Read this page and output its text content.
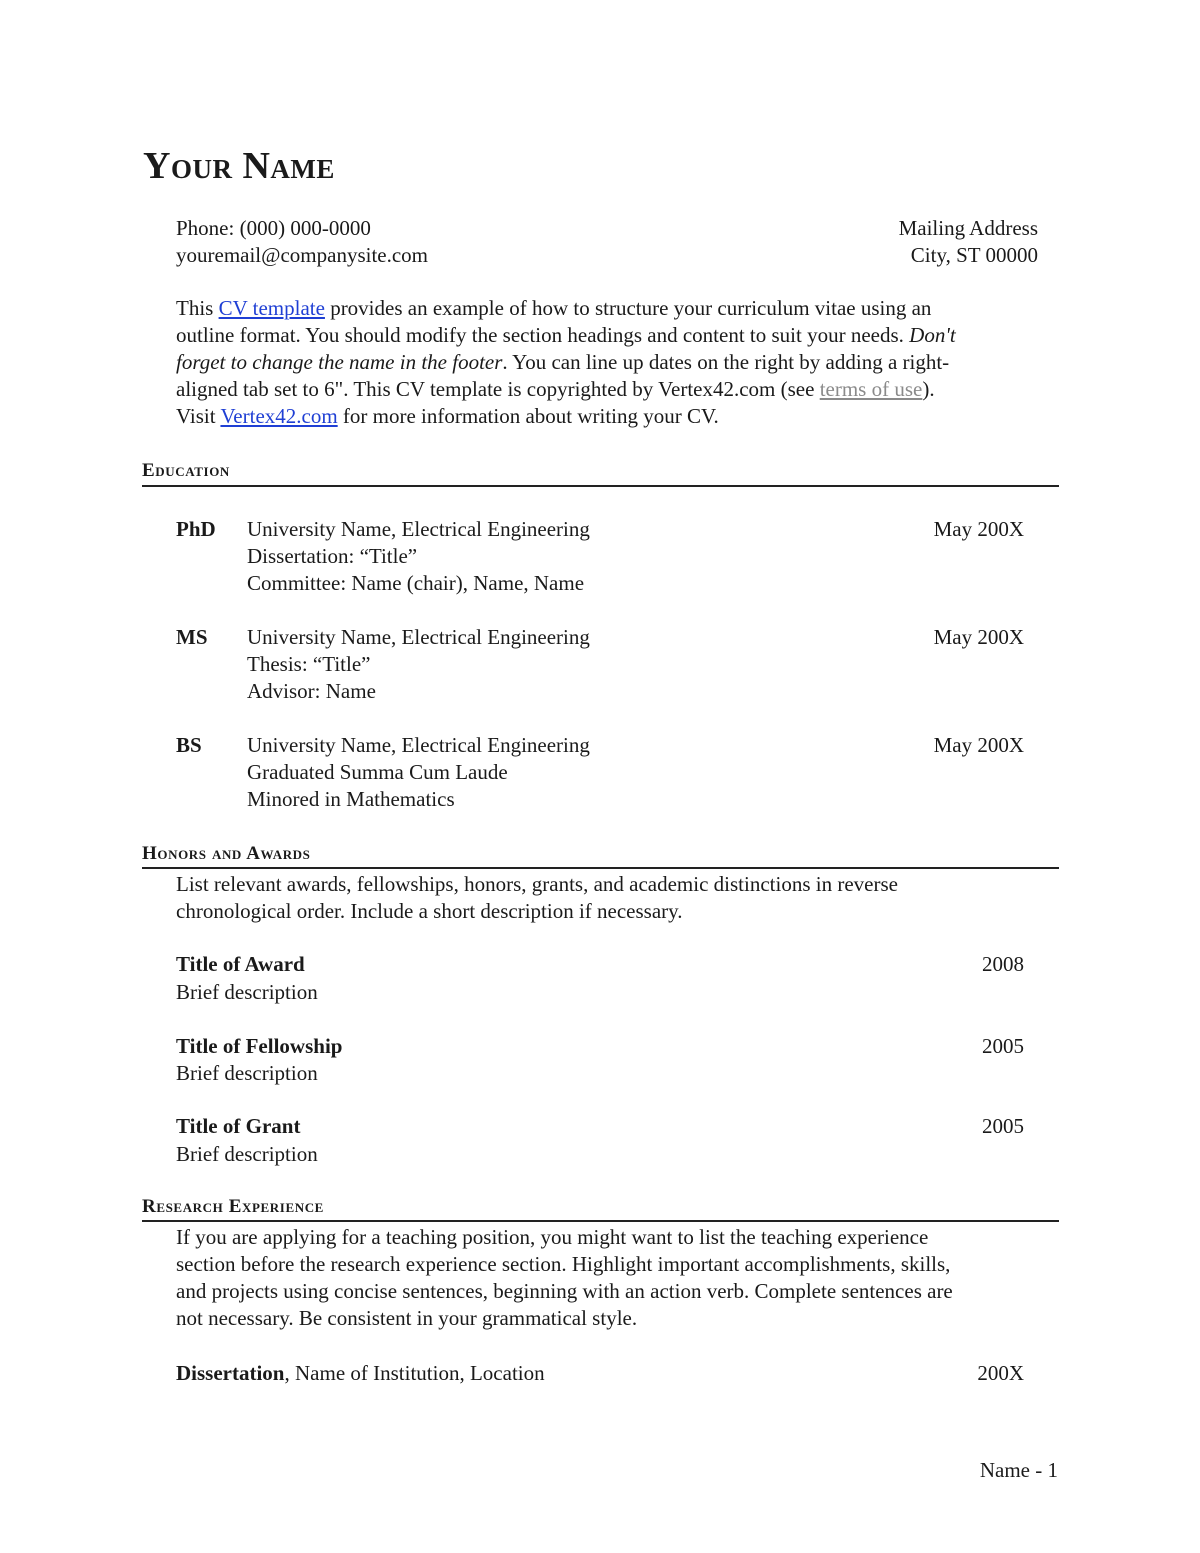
Your Name
Phone: (000) 000-0000
youremail@companysite.com
Mailing Address
City, ST 00000
This CV template provides an example of how to structure your curriculum vitae using an
outline format. You should modify the section headings and content to suit your needs. Don't
forget to change the name in the footer. You can line up dates on the right by adding a right-
aligned tab set to 6". This CV template is copyrighted by Vertex42.com (see terms of use).
Visit Vertex42.com for more information about writing your CV.
Education
PhD University Name, Electrical Engineering
Dissertation: “Title”
Committee: Name (chair), Name, Name
May 200X
MS University Name, Electrical Engineering
Thesis: “Title”
Advisor: Name
May 200X
BS University Name, Electrical Engineering
Graduated Summa Cum Laude
Minored in Mathematics
May 200X
Honors and Awards
List relevant awards, fellowships, honors, grants, and academic distinctions in reverse
chronological order. Include a short description if necessary.
Title of Award
Brief description
2008
Title of Fellowship
Brief description
2005
Title of Grant
Brief description
2005
Research Experience
If you are applying for a teaching position, you might want to list the teaching experience
section before the research experience section. Highlight important accomplishments, skills,
and projects using concise sentences, beginning with an action verb. Complete sentences are
not necessary. Be consistent in your grammatical style.
Dissertation, Name of Institution, Location	200X
Name - 1
